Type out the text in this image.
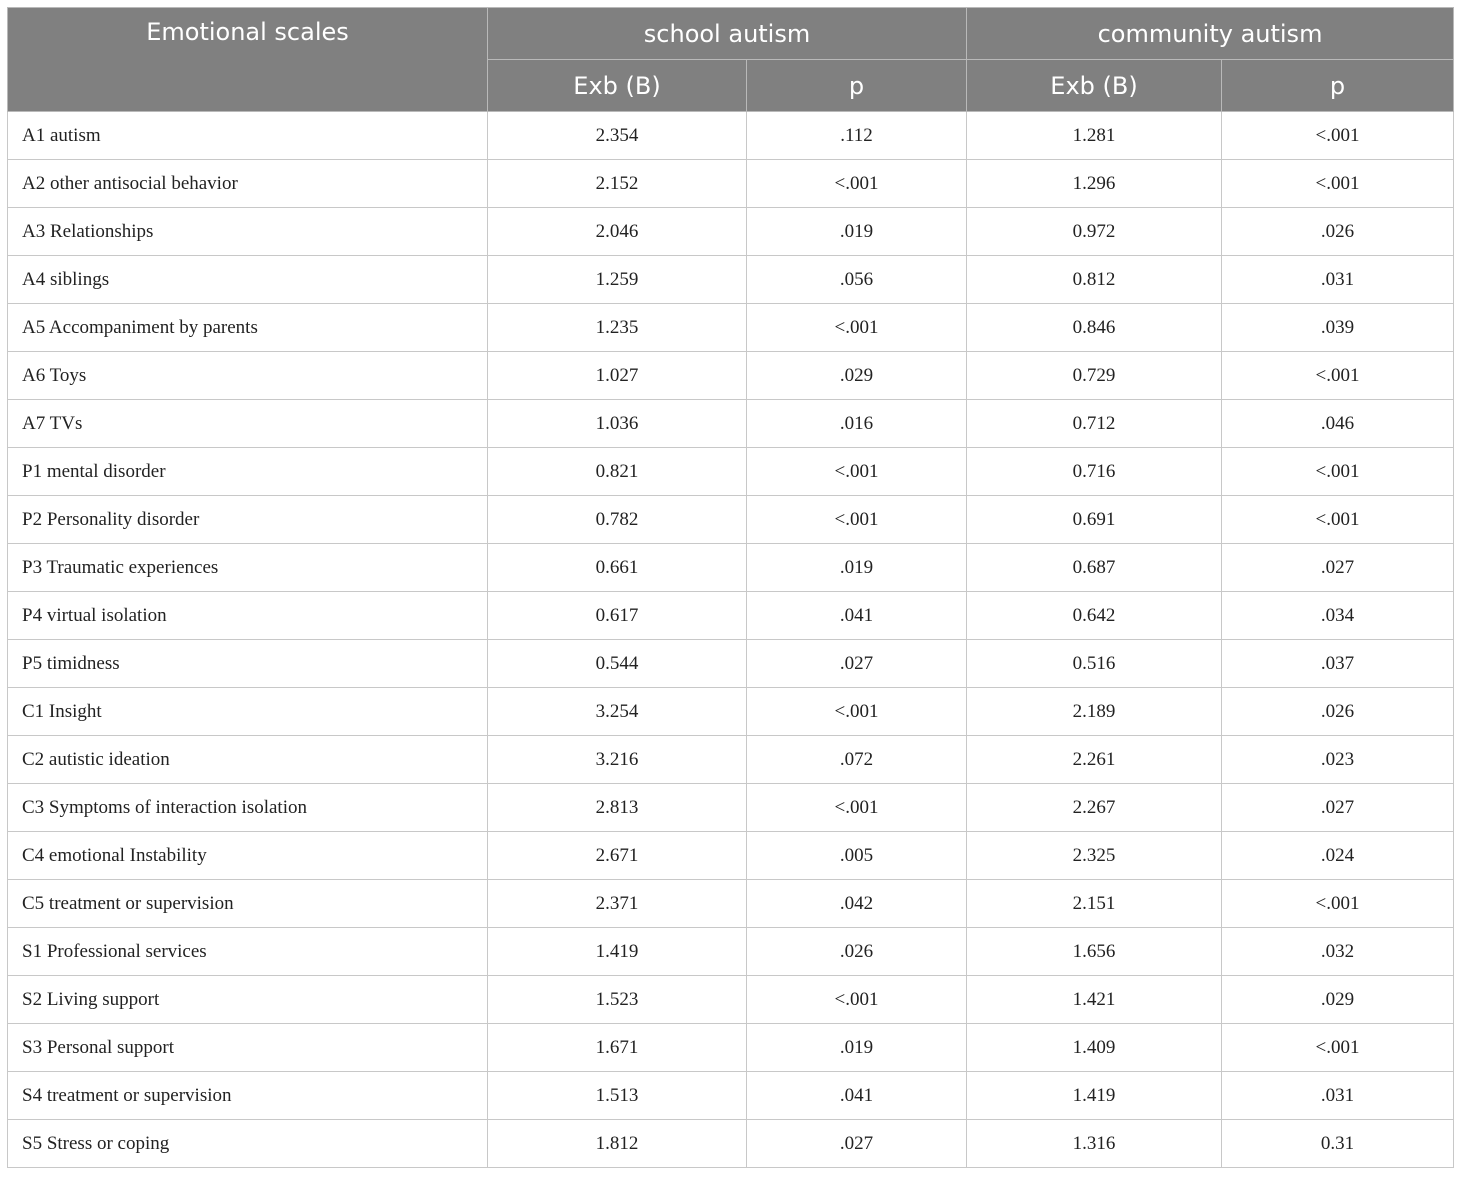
Emotional scales	school autism		community autism	
	Exb (B)	p	Exb (B)	p
A1 autism	2.354	.112	1.281	<.001
A2 other antisocial behavior	2.152	<.001	1.296	<.001
A3 Relationships	2.046	.019	0.972	.026
A4 siblings	1.259	.056	0.812	.031
A5 Accompaniment by parents	1.235	<.001	0.846	.039
A6 Toys	1.027	.029	0.729	<.001
A7 TVs	1.036	.016	0.712	.046
P1 mental disorder	0.821	<.001	0.716	<.001
P2 Personality disorder	0.782	<.001	0.691	<.001
P3 Traumatic experiences	0.661	.019	0.687	.027
P4 virtual isolation	0.617	.041	0.642	.034
P5 timidness	0.544	.027	0.516	.037
C1 Insight	3.254	<.001	2.189	.026
C2 autistic ideation	3.216	.072	2.261	.023
C3 Symptoms of interaction isolation	2.813	<.001	2.267	.027
C4 emotional Instability	2.671	.005	2.325	.024
C5 treatment or supervision	2.371	.042	2.151	<.001
S1 Professional services	1.419	.026	1.656	.032
S2 Living support	1.523	<.001	1.421	.029
S3 Personal support	1.671	.019	1.409	<.001
S4 treatment or supervision	1.513	.041	1.419	.031
S5 Stress or coping	1.812	.027	1.316	0.31
